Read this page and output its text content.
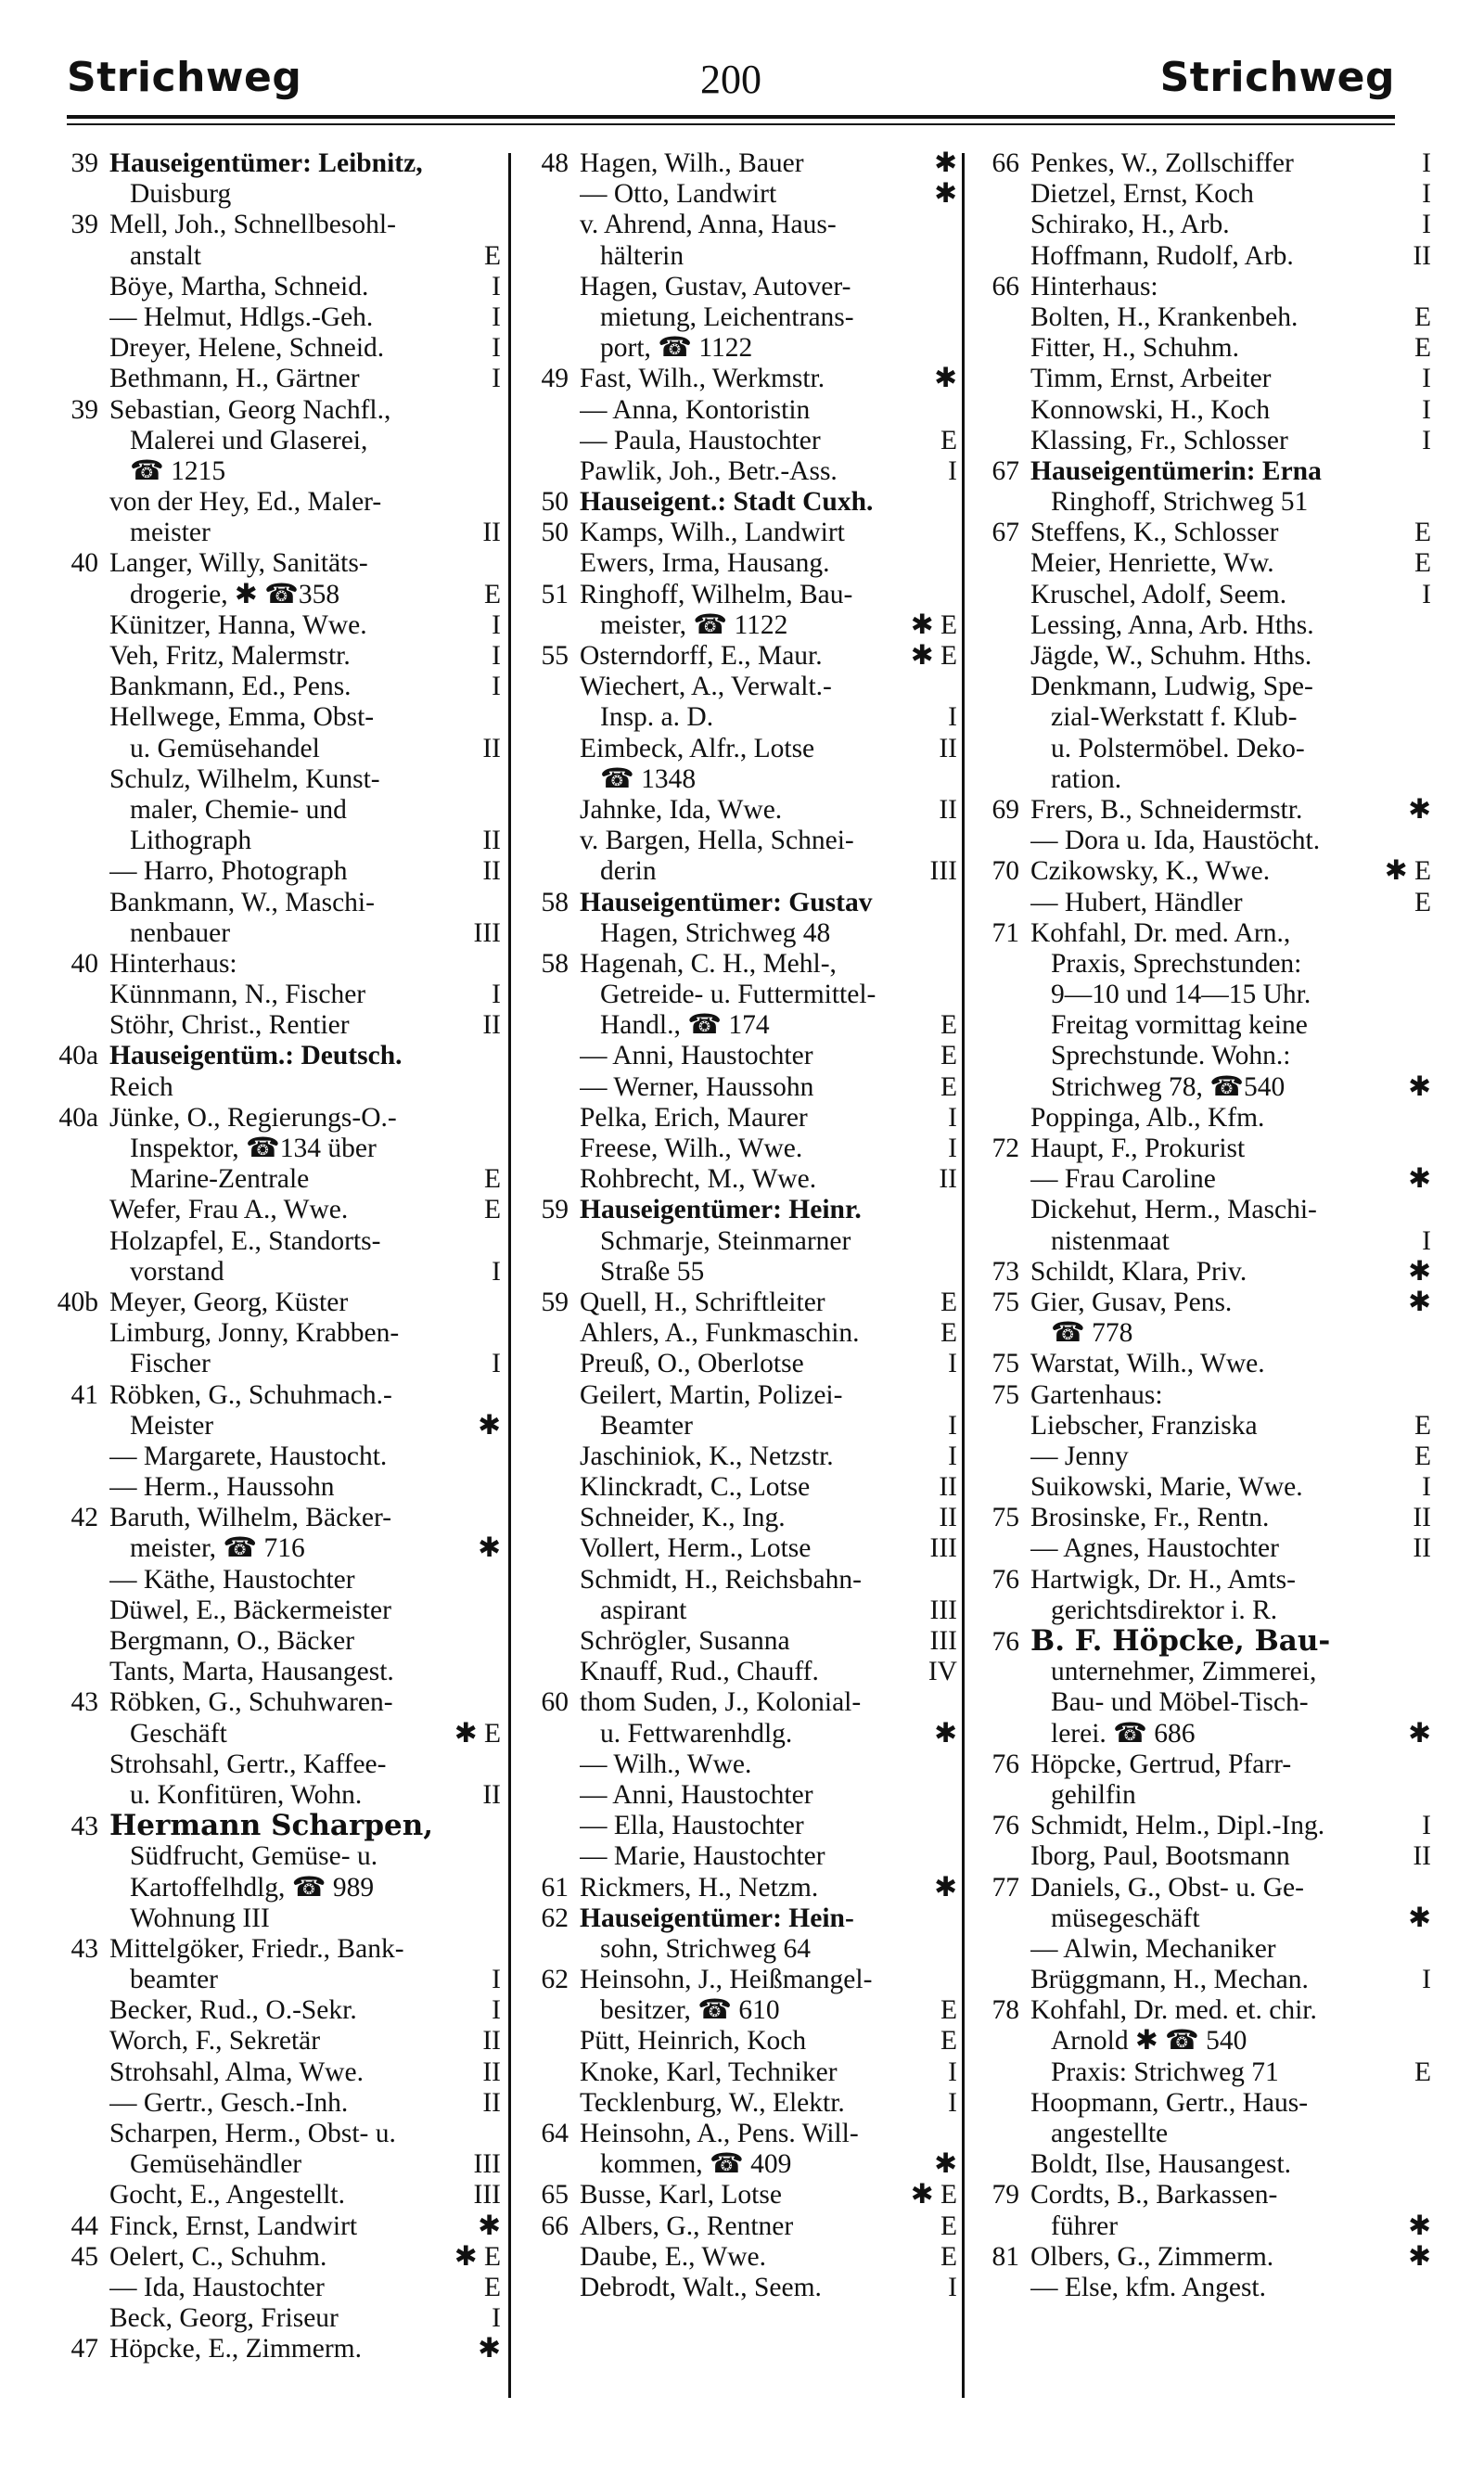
Strichweg	200	Strichweg
39 Hauseigentümer: Leibnitz,
Duisburg
39 Mell, Joh., Schnellbesohl-
anstalt	E
Böye, Martha, Schneid.	I
— Helmut, Hdlgs.-Geh.	I
Dreyer, Helene, Schneid.	I
Bethmann, H., Gärtner	I
39 Sebastian, Georg Nachfl.,
Malerei und Glaserei,
☎ 1215
von der Hey, Ed., Maler-
meister	II
40 Langer, Willy, Sanitäts-
drogerie, ✱ ☎358	E
Künitzer, Hanna, Wwe.	I
Veh, Fritz, Malermstr.	I
Bankmann, Ed., Pens.	I
Hellwege, Emma, Obst-
u. Gemüsehandel	II
Schulz, Wilhelm, Kunst-
maler, Chemie- und
Lithograph	II
— Harro, Photograph	II
Bankmann, W., Maschi-
nenbauer	III
40 Hinterhaus:
Künnmann, N., Fischer	I
Stöhr, Christ., Rentier	II
40a Hauseigentüm.: Deutsch.
Reich
40a Jünke, O., Regierungs-O.-
Inspektor, ☎134 über
Marine-Zentrale	E
Wefer, Frau A., Wwe.	E
Holzapfel, E., Standorts-
vorstand	I
40b Meyer, Georg, Küster
Limburg, Jonny, Krabben-
Fischer	I
41 Röbken, G., Schuhmach.-
Meister	✱
— Margarete, Haustocht.
— Herm., Haussohn
42 Baruth, Wilhelm, Bäcker-
meister, ☎ 716	✱
— Käthe, Haustochter
Düwel, E., Bäckermeister
Bergmann, O., Bäcker
Tants, Marta, Hausangest.
43 Röbken, G., Schuhwaren-
Geschäft	✱ E
Strohsahl, Gertr., Kaffee-
u. Konfitüren, Wohn.	II
43 Hermann Scharpen,
Südfrucht, Gemüse- u.
Kartoffelhdlg, ☎ 989
Wohnung III
43 Mittelgöker, Friedr., Bank-
beamter	I
Becker, Rud., O.-Sekr.	I
Worch, F., Sekretär	II
Strohsahl, Alma, Wwe.	II
— Gertr., Gesch.-Inh.	II
Scharpen, Herm., Obst- u.
Gemüsehändler	III
Gocht, E., Angestellt.	III
44 Finck, Ernst, Landwirt	✱
45 Oelert, C., Schuhm.	✱ E
— Ida, Haustochter	E
Beck, Georg, Friseur	I
47 Höpcke, E., Zimmerm.	✱
48 Hagen, Wilh., Bauer	✱
— Otto, Landwirt	✱
v. Ahrend, Anna, Haus-
hälterin
Hagen, Gustav, Autover-
mietung, Leichentrans-
port, ☎ 1122
49 Fast, Wilh., Werkmstr.	✱
— Anna, Kontoristin
— Paula, Haustochter	E
Pawlik, Joh., Betr.-Ass.	I
50 Hauseigent.: Stadt Cuxh.
50 Kamps, Wilh., Landwirt
Ewers, Irma, Hausang.
51 Ringhoff, Wilhelm, Bau-
meister, ☎ 1122	✱ E
55 Osterndorff, E., Maur.	✱ E
Wiechert, A., Verwalt.-
Insp. a. D.	I
Eimbeck, Alfr., Lotse	II
☎ 1348
Jahnke, Ida, Wwe.	II
v. Bargen, Hella, Schnei-
derin	III
58 Hauseigentümer: Gustav
Hagen, Strichweg 48
58 Hagenah, C. H., Mehl-,
Getreide- u. Futtermittel-
Handl., ☎ 174	E
— Anni, Haustochter	E
— Werner, Haussohn	E
Pelka, Erich, Maurer	I
Freese, Wilh., Wwe.	I
Rohbrecht, M., Wwe.	II
59 Hauseigentümer: Heinr.
Schmarje, Steinmarner
Straße 55
59 Quell, H., Schriftleiter	E
Ahlers, A., Funkmaschin.	E
Preuß, O., Oberlotse	I
Geilert, Martin, Polizei-
Beamter	I
Jaschiniok, K., Netzstr.	I
Klinckradt, C., Lotse	II
Schneider, K., Ing.	II
Vollert, Herm., Lotse	III
Schmidt, H., Reichsbahn-
aspirant	III
Schrögler, Susanna	III
Knauff, Rud., Chauff.	IV
60 thom Suden, J., Kolonial-
u. Fettwarenhdlg.	✱
— Wilh., Wwe.
— Anni, Haustochter
— Ella, Haustochter
— Marie, Haustochter
61 Rickmers, H., Netzm.	✱
62 Hauseigentümer: Hein-
sohn, Strichweg 64
62 Heinsohn, J., Heißmangel-
besitzer, ☎ 610	E
Pütt, Heinrich, Koch	E
Knoke, Karl, Techniker	I
Tecklenburg, W., Elektr.	I
64 Heinsohn, A., Pens. Will-
kommen, ☎ 409	✱
65 Busse, Karl, Lotse	✱ E
66 Albers, G., Rentner	E
Daube, E., Wwe.	E
Debrodt, Walt., Seem.	I
66 Penkes, W., Zollschiffer	I
Dietzel, Ernst, Koch	I
Schirako, H., Arb.	I
Hoffmann, Rudolf, Arb.	II
66 Hinterhaus:
Bolten, H., Krankenbeh.	E
Fitter, H., Schuhm.	E
Timm, Ernst, Arbeiter	I
Konnowski, H., Koch	I
Klassing, Fr., Schlosser	I
67 Hauseigentümerin: Erna
Ringhoff, Strichweg 51
67 Steffens, K., Schlosser	E
Meier, Henriette, Ww.	E
Kruschel, Adolf, Seem.	I
Lessing, Anna, Arb. Hths.
Jägde, W., Schuhm. Hths.
Denkmann, Ludwig, Spe-
zial-Werkstatt f. Klub-
u. Polstermöbel. Deko-
ration.
69 Frers, B., Schneidermstr.	✱
— Dora u. Ida, Haustöcht.
70 Czikowsky, K., Wwe.	✱ E
— Hubert, Händler	E
71 Kohfahl, Dr. med. Arn.,
Praxis, Sprechstunden:
9—10 und 14—15 Uhr.
Freitag vormittag keine
Sprechstunde. Wohn.:
Strichweg 78, ☎540	✱
Poppinga, Alb., Kfm.
72 Haupt, F., Prokurist
— Frau Caroline	✱
Dickehut, Herm., Maschi-
nistenmaat	I
73 Schildt, Klara, Priv.	✱
75 Gier, Gusav, Pens.	✱
☎ 778
75 Warstat, Wilh., Wwe.
75 Gartenhaus:
Liebscher, Franziska	E
— Jenny	E
Suikowski, Marie, Wwe.	I
75 Brosinske, Fr., Rentn.	II
— Agnes, Haustochter	II
76 Hartwigk, Dr. H., Amts-
gerichtsdirektor i. R.
76 B. F. Höpcke, Bau-
unternehmer, Zimmerei,
Bau- und Möbel-Tisch-
lerei. ☎ 686	✱
76 Höpcke, Gertrud, Pfarr-
gehilfin
76 Schmidt, Helm., Dipl.-Ing.	I
Iborg, Paul, Bootsmann	II
77 Daniels, G., Obst- u. Ge-
müsegeschäft	✱
— Alwin, Mechaniker
Brüggmann, H., Mechan.	I
78 Kohfahl, Dr. med. et. chir.
Arnold ✱ ☎ 540
Praxis: Strichweg 71	E
Hoopmann, Gertr., Haus-
angestellte
Boldt, Ilse, Hausangest.
79 Cordts, B., Barkassen-
führer	✱
81 Olbers, G., Zimmerm.	✱
— Else, kfm. Angest.
